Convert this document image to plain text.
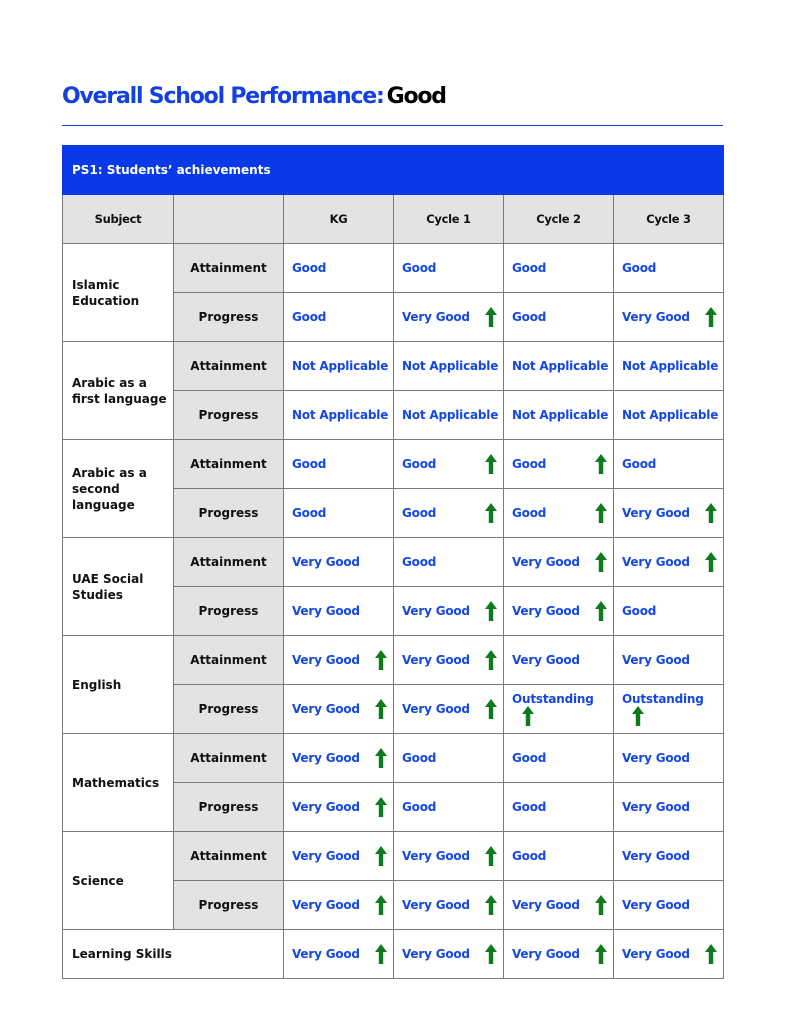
Overall School Performance: Good
PS1: Students’ achievements					
Subject		KG	Cycle 1	Cycle 2	Cycle 3
Islamic
Education	Attainment	Good	Good	Good	Good

	Progress	Good	Very Good	Good	Very Good

Arabic as a
first language	Attainment	Not Applicable	Not Applicable	Not Applicable	Not Applicable

	Progress	Not Applicable	Not Applicable	Not Applicable	Not Applicable

Arabic as a
second
language	Attainment	Good	Good	Good	Good

	Progress	Good	Good	Good	Very Good

UAE Social
Studies	Attainment	Very Good	Good	Very Good	Very Good

	Progress	Very Good	Very Good	Very Good	Good

English	Attainment	Very Good	Very Good	Very Good	Very Good

	Progress	Very Good	Very Good	Outstanding	Outstanding

Mathematics	Attainment	Very Good	Good	Good	Very Good

	Progress	Very Good	Good	Good	Very Good

Science	Attainment	Very Good	Very Good	Good	Very Good

	Progress	Very Good	Very Good	Very Good	Very Good

Learning Skills		Very Good	Very Good	Very Good	Very Good
